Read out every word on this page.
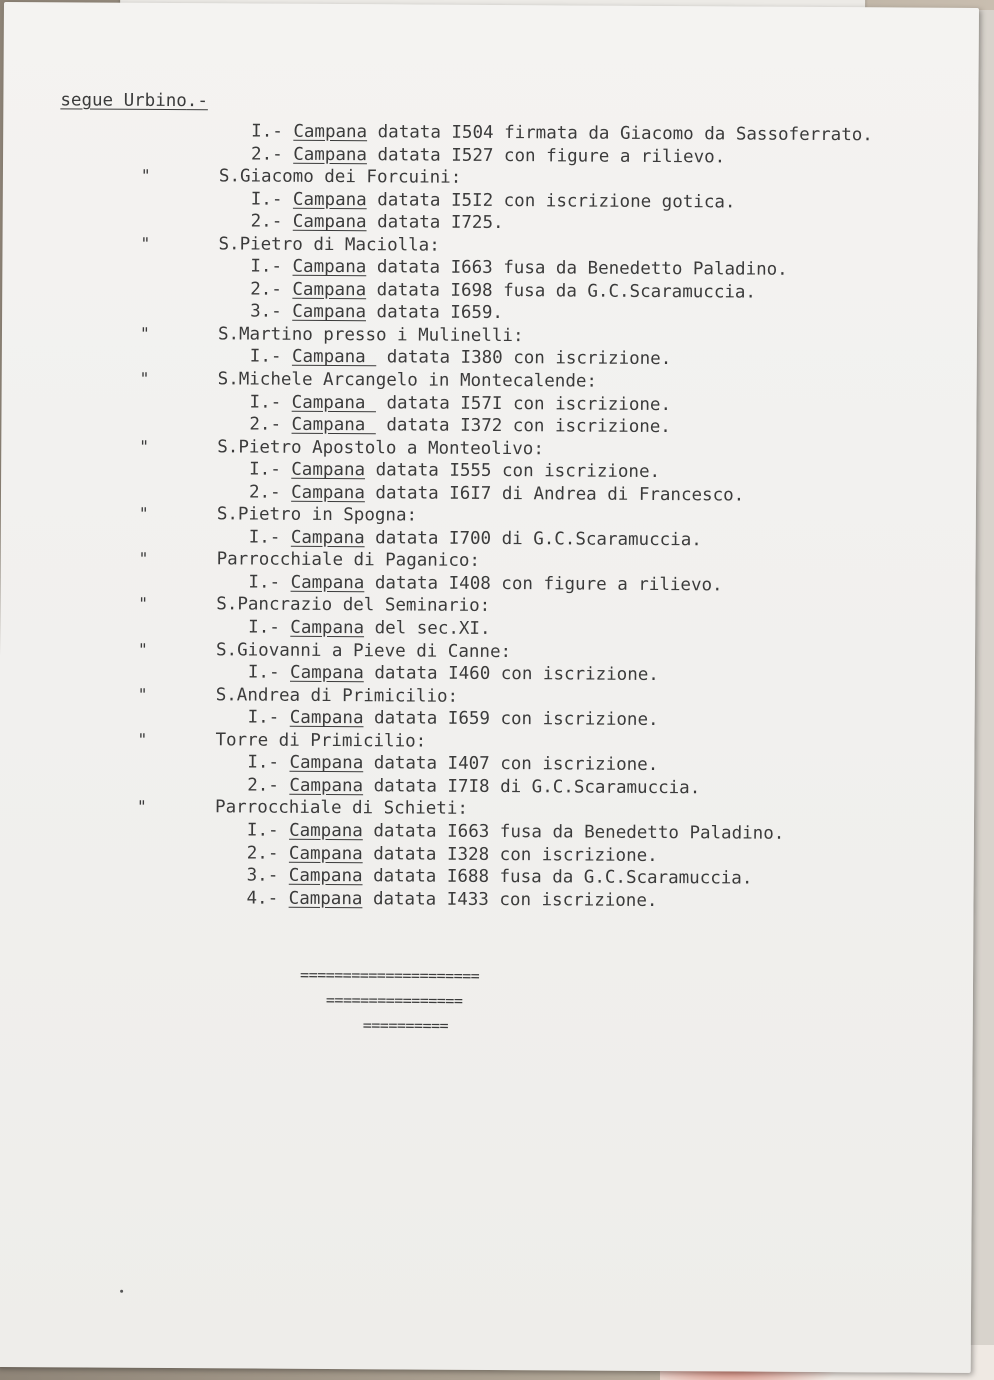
segue Urbino.-
I.- Campana datata I504 firmata da Giacomo da Sassoferrato.
2.- Campana datata I527 con figure a rilievo.
"	S.Giacomo dei Forcuini:
I.- Campana datata I5I2 con iscrizione gotica.
2.- Campana datata I725.
"	S.Pietro di Maciolla:
I.- Campana datata I663 fusa da Benedetto Paladino.
2.- Campana datata I698 fusa da G.C.Scaramuccia.
3.- Campana datata I659.
"	S.Martino presso i Mulinelli:
I.- Campana  datata I380 con iscrizione.
"	S.Michele Arcangelo in Montecalende:
I.- Campana  datata I57I con iscrizione.
2.- Campana  datata I372 con iscrizione.
"	S.Pietro Apostolo a Monteolivo:
I.- Campana datata I555 con iscrizione.
2.- Campana datata I6I7 di Andrea di Francesco.
"	S.Pietro in Spogna:
I.- Campana datata I700 di G.C.Scaramuccia.
"	Parrocchiale di Paganico:
I.- Campana datata I408 con figure a rilievo.
"	S.Pancrazio del Seminario:
I.- Campana del sec.XI.
"	S.Giovanni a Pieve di Canne:
I.- Campana datata I460 con iscrizione.
"	S.Andrea di Primicilio:
I.- Campana datata I659 con iscrizione.
"	Torre di Primicilio:
I.- Campana datata I407 con iscrizione.
2.- Campana datata I7I8 di G.C.Scaramuccia.
"	Parrocchiale di Schieti:
I.- Campana datata I663 fusa da Benedetto Paladino.
2.- Campana datata I328 con iscrizione.
3.- Campana datata I688 fusa da G.C.Scaramuccia.
4.- Campana datata I433 con iscrizione.
=====================
================
==========
